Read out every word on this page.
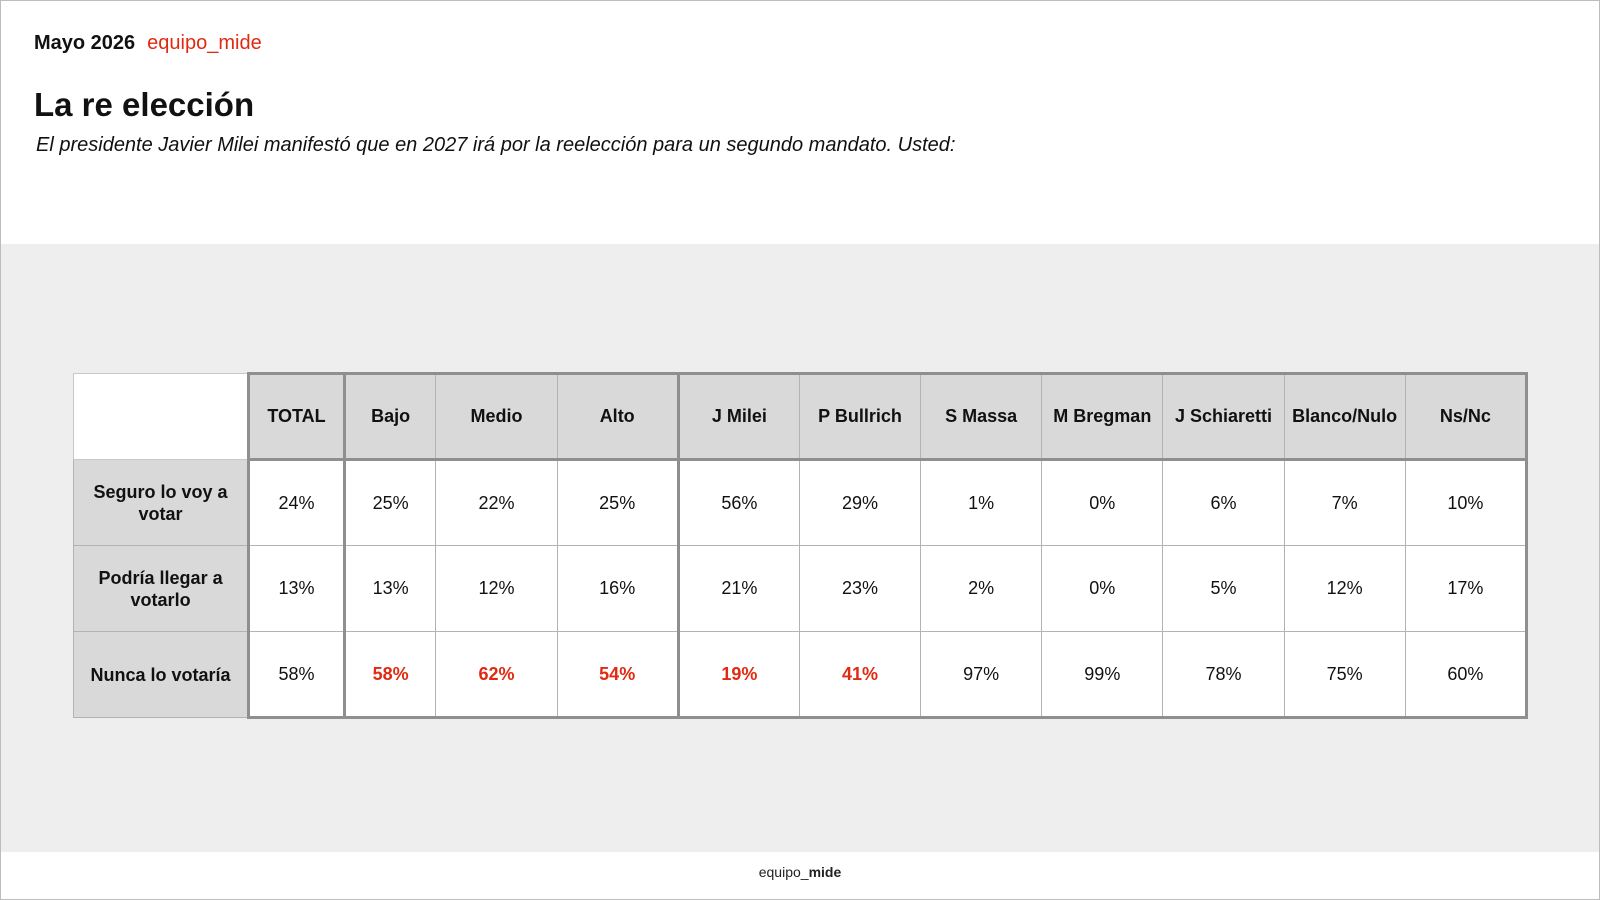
Mayo 2026 equipo_mide
La re elección

El presidente Javier Milei manifestó que en 2027 irá por la reelección para un segundo mandato. Usted:

	TOTAL	Bajo	Medio	Alto	J Milei	P Bullrich	S Massa	M Bregman	J Schiaretti	Blanco/Nulo	Ns/Nc
Seguro lo voy a votar	24%	25%	22%	25%	56%	29%	1%	0%	6%	7%	10%
Podría llegar a votarlo	13%	13%	12%	16%	21%	23%	2%	0%	5%	12%	17%
Nunca lo votaría	58%	58%	62%	54%	19%	41%	97%	99%	78%	75%	60%
equipo_mide
